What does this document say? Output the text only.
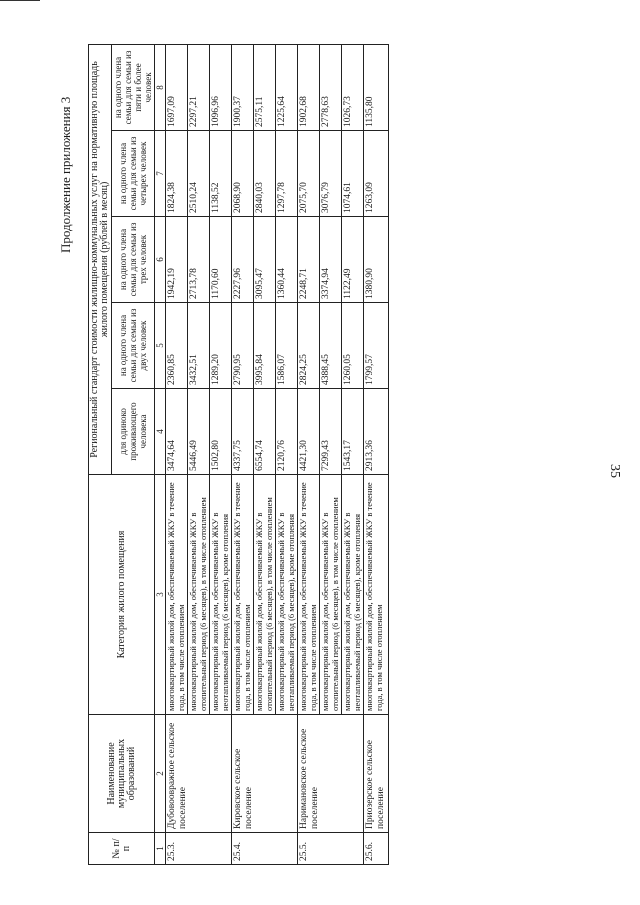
35
Продолжение приложения 3
№ п/п	Наименование муниципальных образований	Категория жилого помещения	Региональный стандарт стоимости жилищно-коммунальных услуг на нормативную площадь жилого помещения (рублей в месяц)				
			для одиноко проживающего человека	на одного члена семьи для семьи из двух человек	на одного члена семьи для семьи из трех человек	на одного члена семьи для семьи из четырех человек	на одного члена семьи для семьи из пяти и более человек
1	2	3	4	5	6	7	8
25.3.	Дубовоовражное сельское поселение	многоквартирный жилой дом, обеспечиваемый ЖКУ в течение года, в том числе отоплением	3474,64	2360,85	1942,19	1824,38	1697,09
		многоквартирный жилой дом, обеспечиваемый ЖКУ в отопительный период (6 месяцев), в том числе отоплением	5446,49	3432,51	2713,78	2510,24	2297,21
		многоквартирный жилой дом, обеспечиваемый ЖКУ в неотапливаемый период (6 месяцев), кроме отопления	1502,80	1289,20	1170,60	1138,52	1096,96
25.4.	Кировское сельское поселение	многоквартирный жилой дом, обеспечиваемый ЖКУ в течение года, в том числе отоплением	4337,75	2790,95	2227,96	2068,90	1900,37
		многоквартирный жилой дом, обеспечиваемый ЖКУ в отопительный период (6 месяцев), в том числе отоплением	6554,74	3995,84	3095,47	2840,03	2575,11
		многоквартирный жилой дом, обеспечиваемый ЖКУ в неотапливаемый период (6 месяцев), кроме отопления	2120,76	1586,07	1360,44	1297,78	1225,64
25.5.	Наримановское сельское поселение	многоквартирный жилой дом, обеспечиваемый ЖКУ в течение года, в том числе отоплением	4421,30	2824,25	2248,71	2075,70	1902,68
		многоквартирный жилой дом, обеспечиваемый ЖКУ в отопительный период (6 месяцев), в том числе отоплением	7299,43	4388,45	3374,94	3076,79	2778,63
		многоквартирный жилой дом, обеспечиваемый ЖКУ в неотапливаемый период (6 месяцев), кроме отопления	1543,17	1260,05	1122,49	1074,61	1026,73
25.6.	Приозерское сельское поселение	многоквартирный жилой дом, обеспечиваемый ЖКУ в течение года, в том числе отоплением	2913,36	1799,57	1380,90	1263,09	1135,80
